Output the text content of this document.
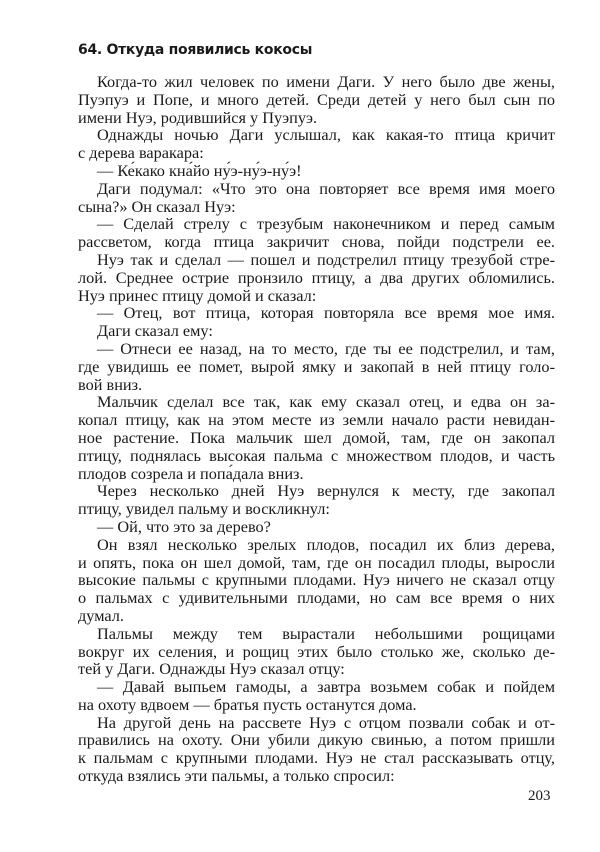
64. Откуда появились кокосы
Когда-то жил человек по имени Даги. У него было две жены,
Пуэпуэ и Попе, и много детей. Среди детей у него был сын по
имени Нуэ, родившийся у Пуэпуэ.
Однажды ночью Даги услышал, как какая-то птица кричит
с дерева варакара:
— Ке́како кна́йо ну́э-ну́э-ну́э!
Даги подумал: «Что это она повторяет все время имя моего
сына?» Он сказал Нуэ:
— Сделай стрелу с трезубым наконечником и перед самым
рассветом, когда птица закричит снова, пойди подстрели ее.
Нуэ так и сделал — пошел и подстрелил птицу трезубой стре-
лой. Среднее острие пронзило птицу, а два других обломились.
Нуэ принес птицу домой и сказал:
— Отец, вот птица, которая повторяла все время мое имя.
Даги сказал ему:
— Отнеси ее назад, на то место, где ты ее подстрелил, и там,
где увидишь ее помет, вырой ямку и закопай в ней птицу голо-
вой вниз.
Мальчик сделал все так, как ему сказал отец, и едва он за-
копал птицу, как на этом месте из земли начало расти невидан-
ное растение. Пока мальчик шел домой, там, где он закопал
птицу, поднялась высокая пальма с множеством плодов, и часть
плодов созрела и попа́дала вниз.
Через несколько дней Нуэ вернулся к месту, где закопал
птицу, увидел пальму и воскликнул:
— Ой, что это за дерево?
Он взял несколько зрелых плодов, посадил их близ дерева,
и опять, пока он шел домой, там, где он посадил плоды, выросли
высокие пальмы с крупными плодами. Нуэ ничего не сказал отцу
о пальмах с удивительными плодами, но сам все время о них
думал.
Пальмы между тем вырастали небольшими рощицами
вокруг их селения, и рощиц этих было столько же, сколько де-
тей у Даги. Однажды Нуэ сказал отцу:
— Давай выпьем гамоды, а завтра возьмем собак и пойдем
на охоту вдвоем — братья пусть останутся дома.
На другой день на рассвете Нуэ с отцом позвали собак и от-
правились на охоту. Они убили дикую свинью, а потом пришли
к пальмам с крупными плодами. Нуэ не стал рассказывать отцу,
откуда взялись эти пальмы, а только спросил:
203
